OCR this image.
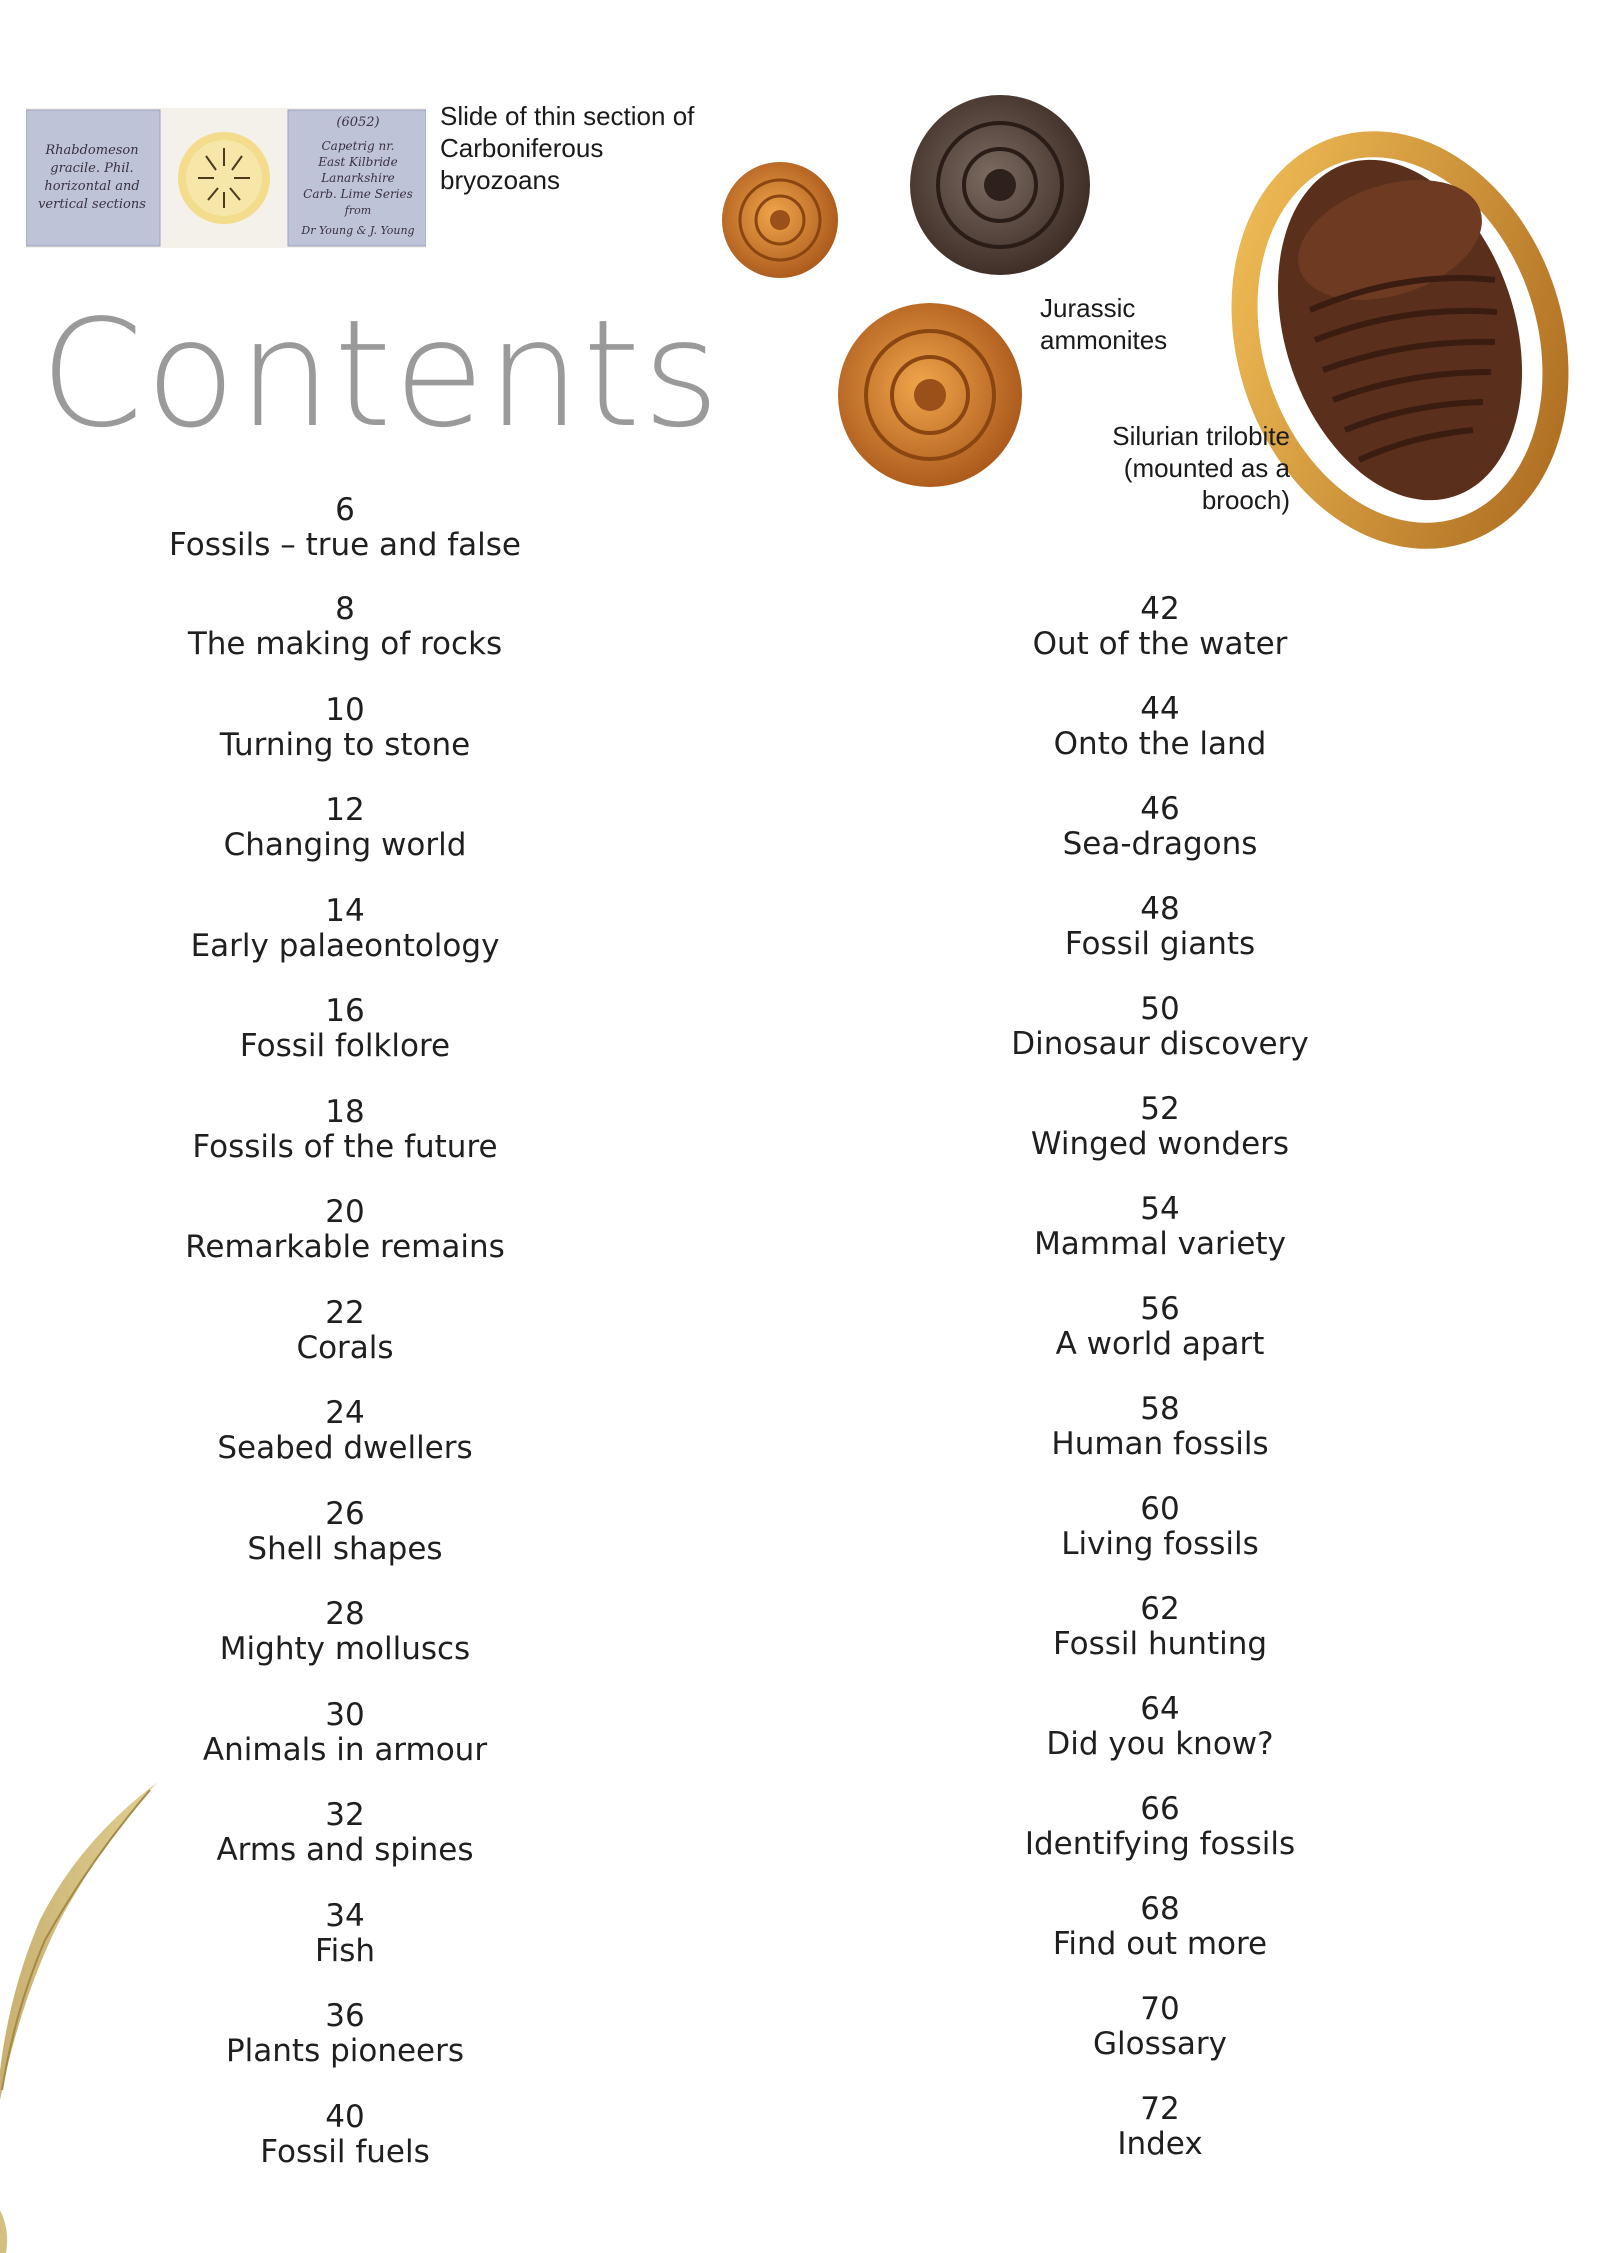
Rhabdomeson
gracile. Phil.
horizontal and
vertical sections
(6052)
Capetrig nr.
East Kilbride
Lanarkshire
Carb. Lime Series
from
Dr Young & J. Young
Slide of thin section of Carboniferous bryozoans
Jurassic ammonites
Silurian trilobite (mounted as a brooch)
Contents
6
Fossils – true and false
8
The making of rocks
10
Turning to stone
12
Changing world
14
Early palaeontology
16
Fossil folklore
18
Fossils of the future
20
Remarkable remains
22
Corals
24
Seabed dwellers
26
Shell shapes
28
Mighty molluscs
30
Animals in armour
32
Arms and spines
34
Fish
36
Plants pioneers
40
Fossil fuels
42
Out of the water
44
Onto the land
46
Sea-dragons
48
Fossil giants
50
Dinosaur discovery
52
Winged wonders
54
Mammal variety
56
A world apart
58
Human fossils
60
Living fossils
62
Fossil hunting
64
Did you know?
66
Identifying fossils
68
Find out more
70
Glossary
72
Index
